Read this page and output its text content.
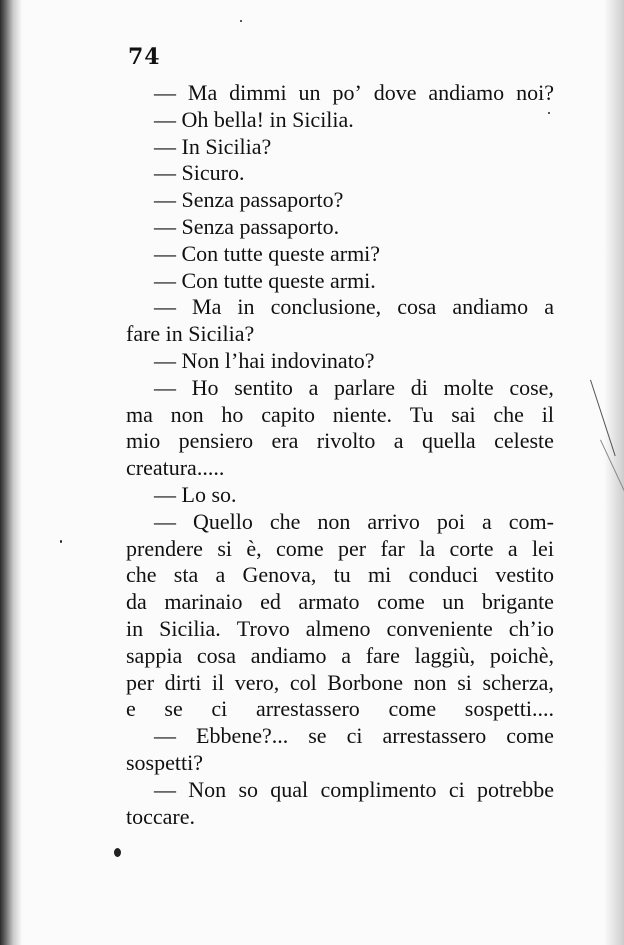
74
— Ma dimmi un po’ dove andiamo noi?
— Oh bella! in Sicilia.
— In Sicilia?
— Sicuro.
— Senza passaporto?
— Senza passaporto.
— Con tutte queste armi?
— Con tutte queste armi.
— Ma in conclusione, cosa andiamo a
fare in Sicilia?
— Non l’hai indovinato?
— Ho sentito a parlare di molte cose,
ma non ho capito niente. Tu sai che il
mio pensiero era rivolto a quella celeste
creatura.....
— Lo so.
— Quello che non arrivo poi a com-
prendere si è, come per far la corte a lei
che sta a Genova, tu mi conduci vestito
da marinaio ed armato come un brigante
in Sicilia. Trovo almeno conveniente ch’io
sappia cosa andiamo a fare laggiù, poichè,
per dirti il vero, col Borbone non si scherza,
e se ci arrestassero come sospetti....
— Ebbene?... se ci arrestassero come
sospetti?
— Non so qual complimento ci potrebbe
toccare.
